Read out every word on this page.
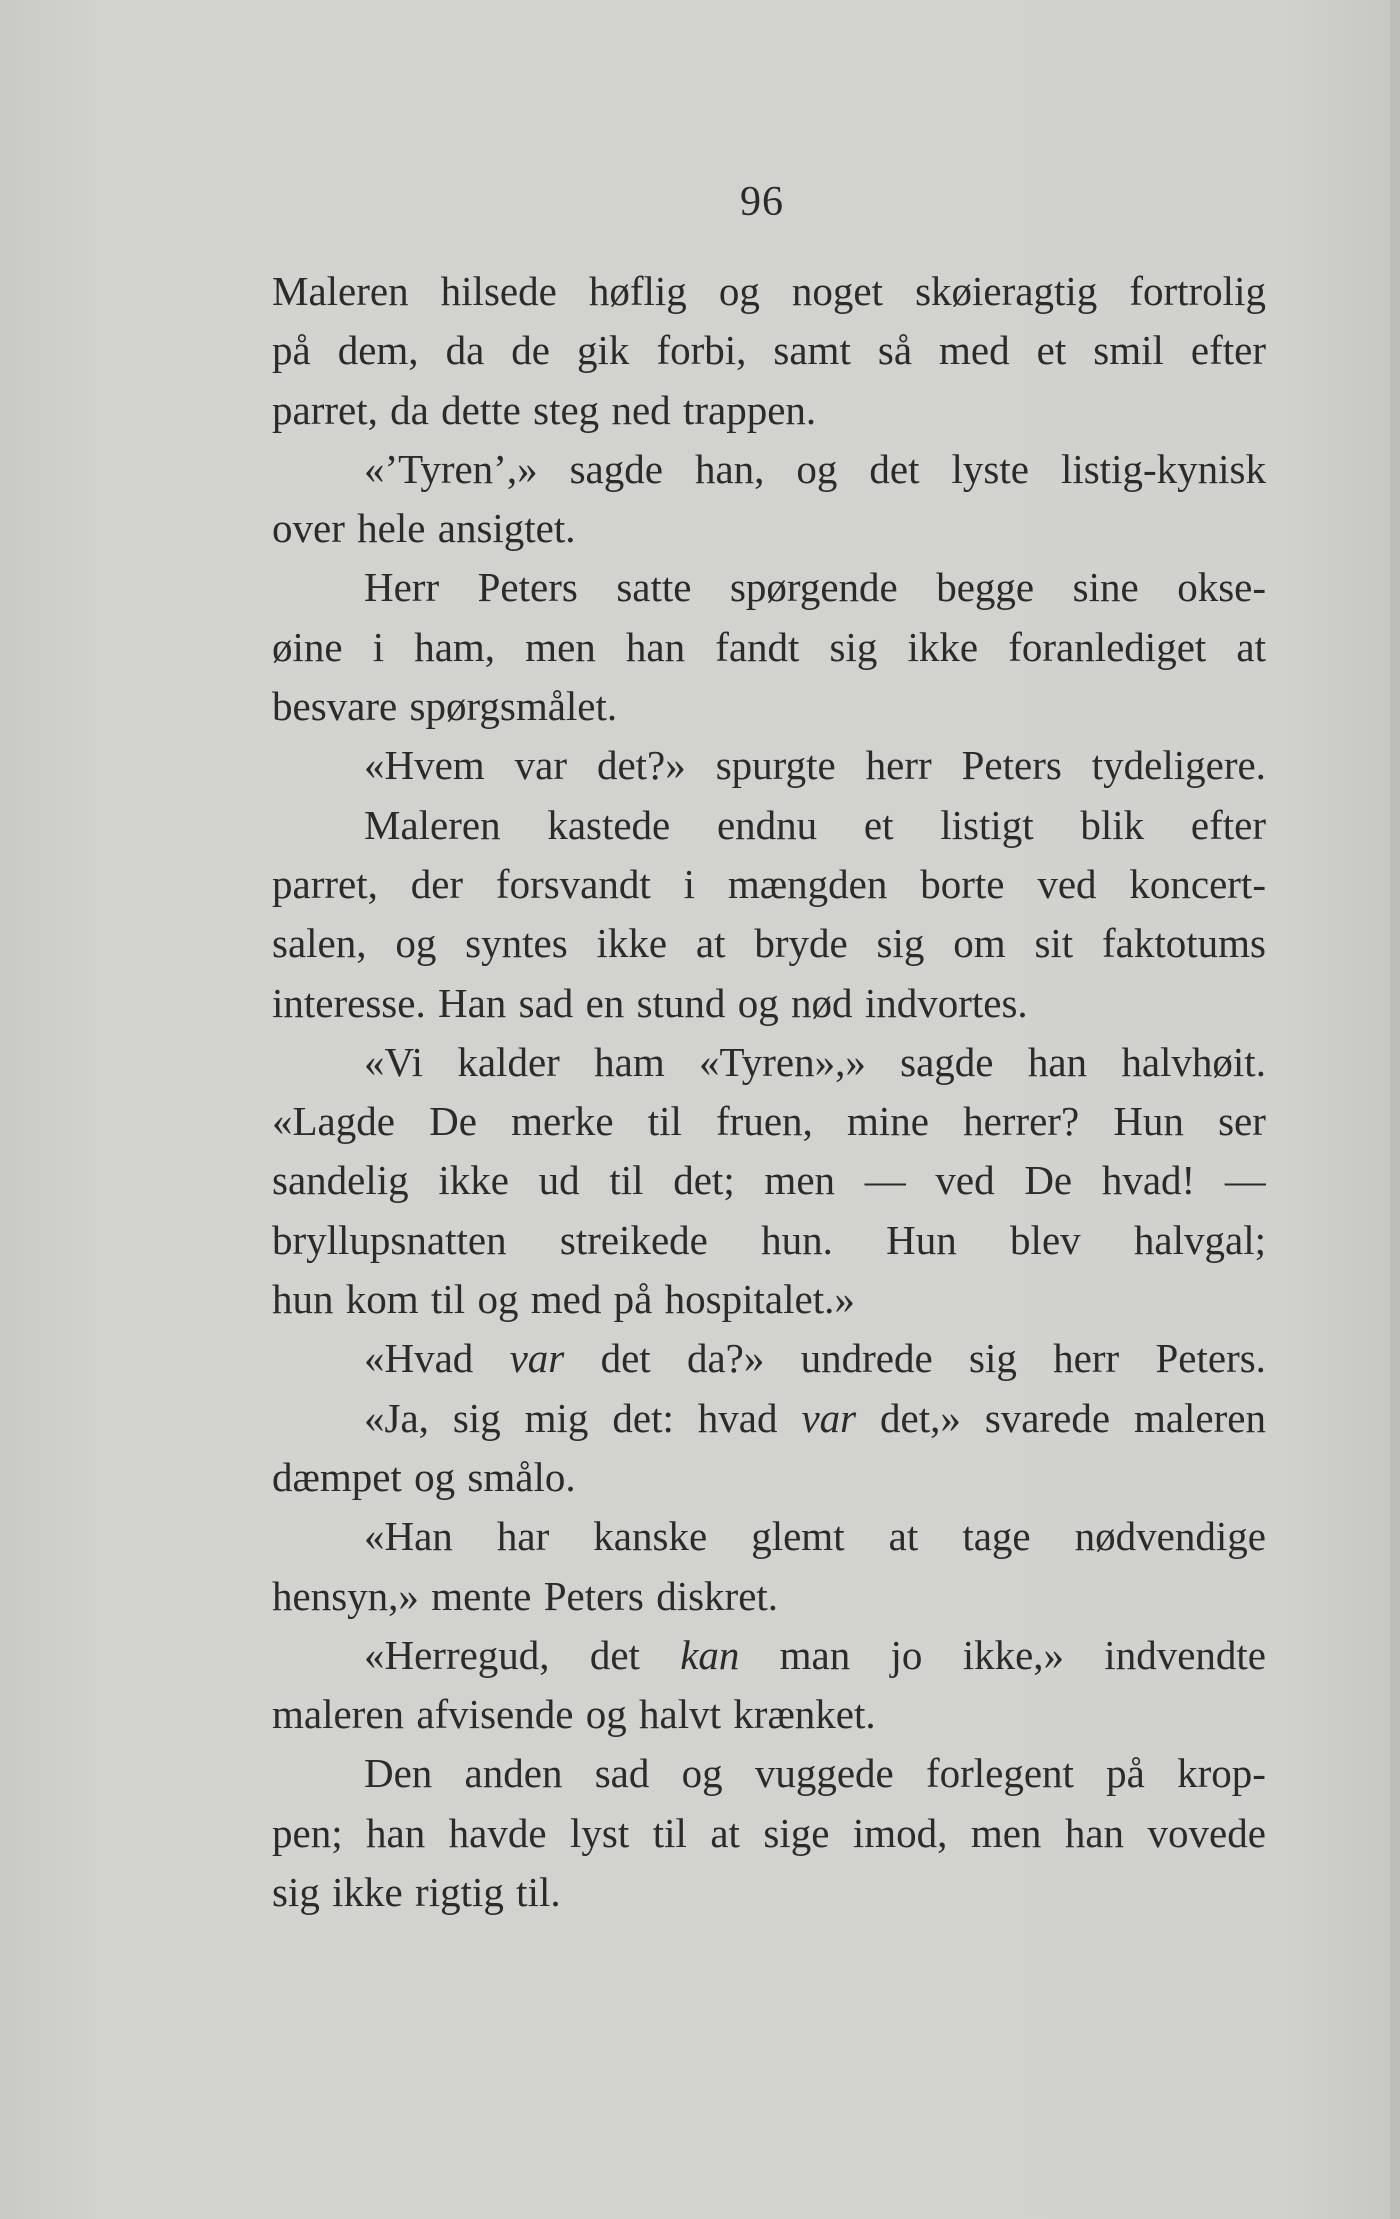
96
Maleren hilsede høflig og noget skøieragtig fortrolig
på dem, da de gik forbi, samt så med et smil efter
parret, da dette steg ned trappen.
«’Tyren’,» sagde han, og det lyste listig-kynisk
over hele ansigtet.
Herr Peters satte spørgende begge sine okse-
øine i ham, men han fandt sig ikke foranlediget at
besvare spørgsmålet.
«Hvem var det?» spurgte herr Peters tydeligere.
Maleren kastede endnu et listigt blik efter
parret, der forsvandt i mængden borte ved koncert-
salen, og syntes ikke at bryde sig om sit faktotums
interesse. Han sad en stund og nød indvortes.
«Vi kalder ham «Tyren»,» sagde han halvhøit.
«Lagde De merke til fruen, mine herrer? Hun ser
sandelig ikke ud til det; men — ved De hvad! —
bryllupsnatten streikede hun. Hun blev halvgal;
hun kom til og med på hospitalet.»
«Hvad var det da?» undrede sig herr Peters.
«Ja, sig mig det: hvad var det,» svarede maleren
dæmpet og smålo.
«Han har kanske glemt at tage nødvendige
hensyn,» mente Peters diskret.
«Herregud, det kan man jo ikke,» indvendte
maleren afvisende og halvt krænket.
Den anden sad og vuggede forlegent på krop-
pen; han havde lyst til at sige imod, men han vovede
sig ikke rigtig til.
